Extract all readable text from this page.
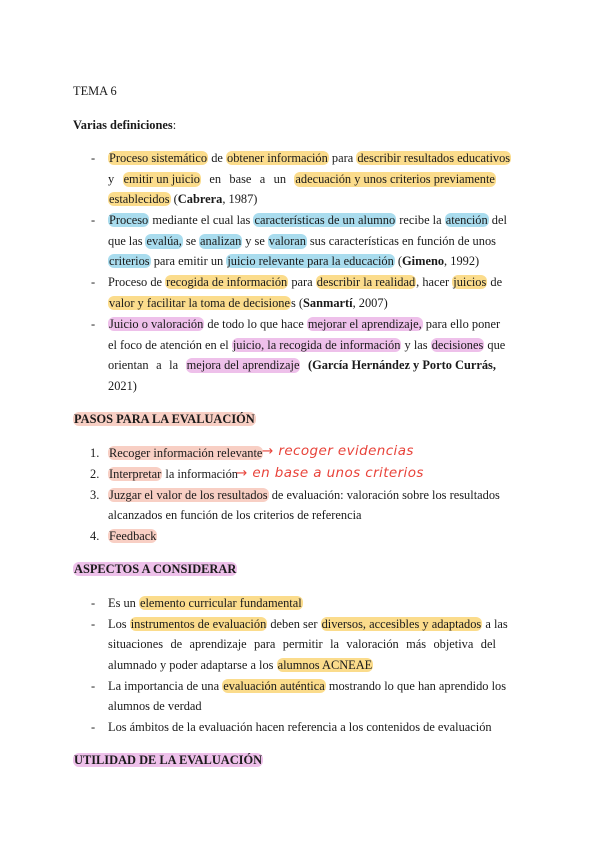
TEMA 6
Varias definiciones:
- Proceso sistemático de obtener información para describir resultados educativos
y emitir un juicio en base a un adecuación y unos criterios previamente
establecidos (Cabrera, 1987)
- Proceso mediante el cual las características de un alumno recibe la atención del
que las evalúa, se analizan y se valoran sus características en función de unos
criterios para emitir un juicio relevante para la educación (Gimeno, 1992)
- Proceso de recogida de información para describir la realidad, hacer juicios de
valor y facilitar la toma de decisiones (Sanmartí, 2007)
- Juicio o valoración de todo lo que hace mejorar el aprendizaje, para ello poner
el foco de atención en el juicio, la recogida de información y las decisiones que
orientan a la mejora del aprendizaje (García Hernández y Porto Currás,
2021)
PASOS PARA LA EVALUACIÓN
1. Recoger información relevante → recoger evidencias
2. Interpretar la información
→ en base a unos criterios
3. Juzgar el valor de los resultados de evaluación: valoración sobre los resultados
alcanzados en función de los criterios de referencia
4. Feedback
ASPECTOS A CONSIDERAR
- Es un elemento curricular fundamental
- Los instrumentos de evaluación deben ser diversos, accesibles y adaptados a las
situaciones de aprendizaje para permitir la valoración más objetiva del
alumnado y poder adaptarse a los alumnos ACNEAE
- La importancia de una evaluación auténtica mostrando lo que han aprendido los
alumnos de verdad
- Los ámbitos de la evaluación hacen referencia a los contenidos de evaluación
UTILIDAD DE LA EVALUACIÓN
